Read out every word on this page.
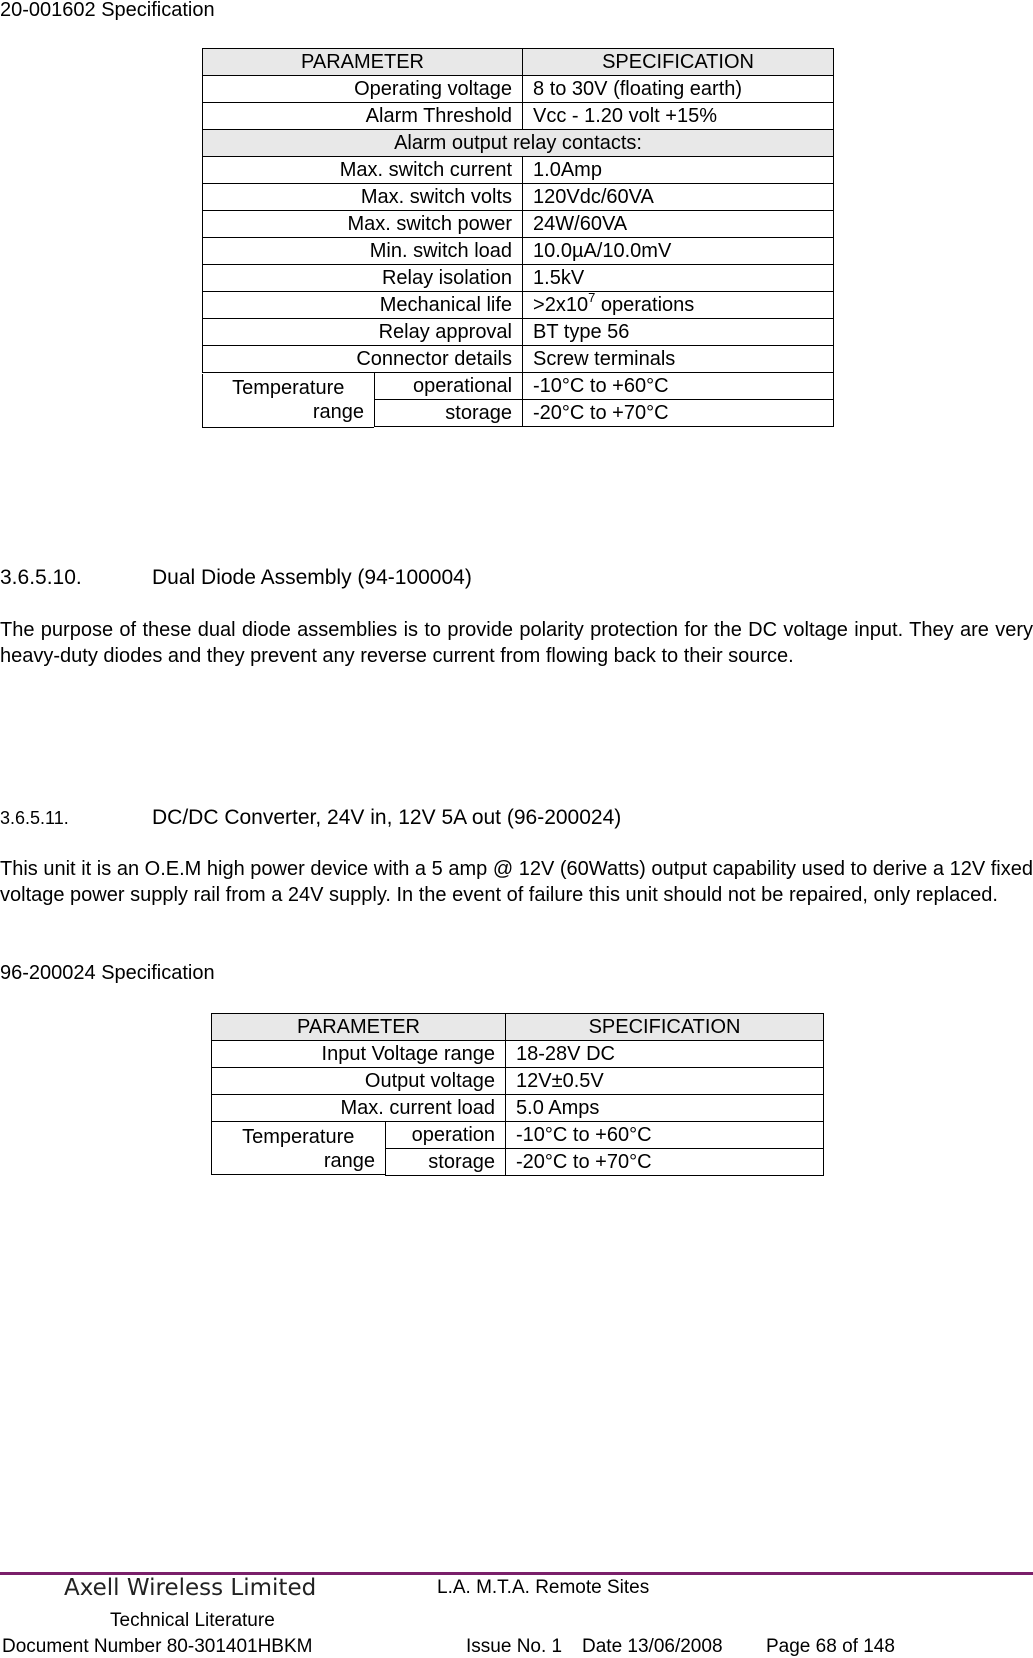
20-001602 Specification
PARAMETER		SPECIFICATION
Operating voltage		8 to 30V (floating earth)
Alarm Threshold		Vcc - 1.20 volt +15%
Alarm output relay contacts:		
Max. switch current		1.0Amp
Max. switch volts		120Vdc/60VA
Max. switch power		24W/60VA
Min. switch load		10.0µA/10.0mV
Relay isolation		1.5kV
Mechanical life		$>2x10^7$ operations
Relay approval		BT type 56
Connector details		Screw terminals

Temperature
range	operational	-10°C to +60°C
	storage	-20°C to +70°C
3.6.5.10.	Dual Diode Assembly (94-100004)
The purpose of these dual diode assemblies is to provide polarity protection for the DC voltage input. They are very heavy-duty diodes and they prevent any reverse current from flowing back to their source.
3.6.5.11.	DC/DC Converter, 24V in, 12V 5A out (96-200024)
This unit it is an O.E.M high power device with a 5 amp @ 12V (60Watts) output capability used to derive a 12V fixed voltage power supply rail from a 24V supply. In the event of failure this unit should not be repaired, only replaced.
96-200024 Specification
PARAMETER		SPECIFICATION
Input Voltage range		18-28V DC
Output voltage		12V±0.5V
Max. current load		5.0 Amps

Temperature
range	operation	-10°C to +60°C
	storage	-20°C to +70°C
Axell Wireless Limited	L.A. M.T.A. Remote Sites
Technical Literature
Document Number 80-301401HBKM	Issue No. 1 Date 13/06/2008 Page 68 of 148
